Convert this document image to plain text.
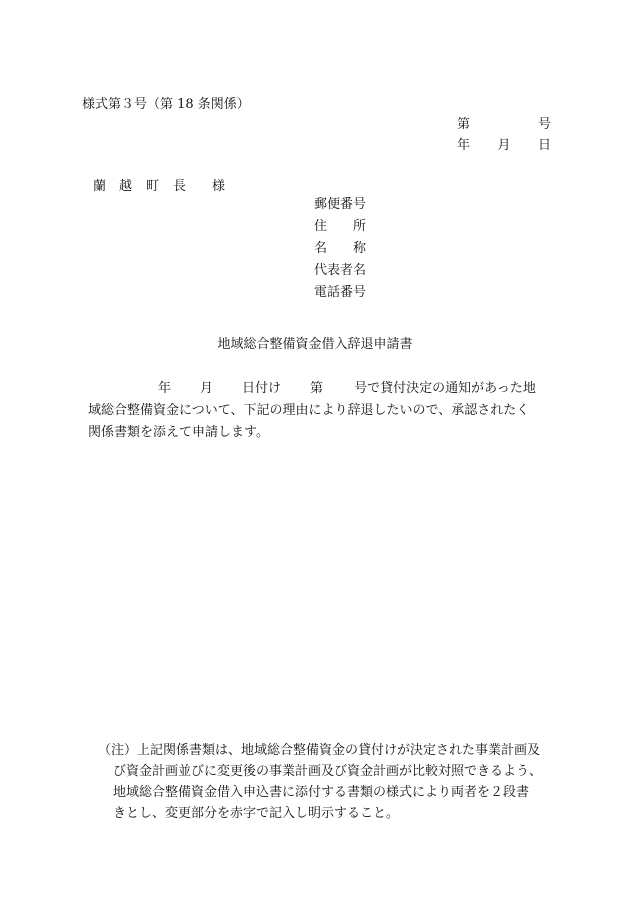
様式第３号（第 18 条関係）
第	号
年 月 日
蘭 越 町 長 様
郵便番号
住 所
名 称
代表者名
電話番号
地域総合整備資金借入辞退申請書
年 月 日付け 第 号で貸付決定の通知があった地
域総合整備資金について、下記の理由により辞退したいので、承認されたく
関係書類を添えて申請します。
（注）上記関係書類は、地域総合整備資金の貸付けが決定された事業計画及
び資金計画並びに変更後の事業計画及び資金計画が比較対照できるよう、
地域総合整備資金借入申込書に添付する書類の様式により両者を２段書
きとし、変更部分を赤字で記入し明示すること。
